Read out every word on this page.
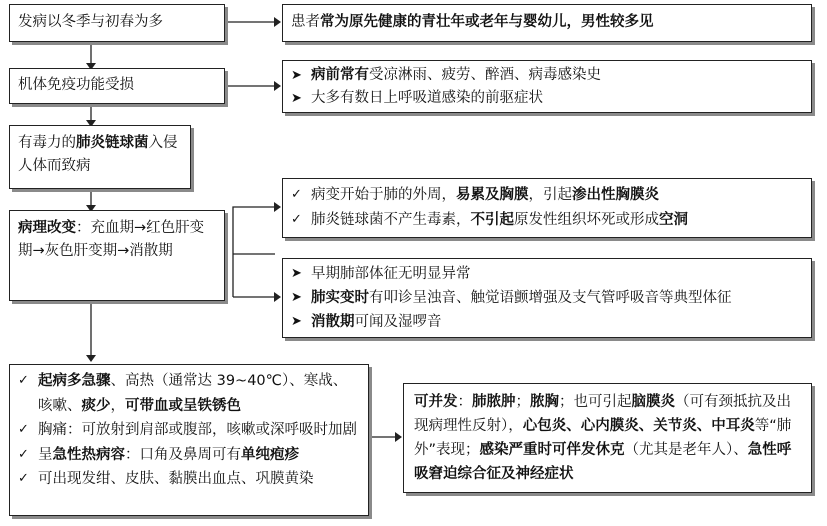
发病以冬季与初春为多
机体免疫功能受损
有毒力的肺炎链球菌入侵人体而致病
病理改变：充血期→红色肝变期→灰色肝变期→消散期
患者常为原先健康的青壮年或老年与婴幼儿，男性较多见
➤ 病前常有受凉淋雨、疲劳、醉酒、病毒感染史
➤ 大多有数日上呼吸道感染的前驱症状
✓ 病变开始于肺的外周，易累及胸膜，引起渗出性胸膜炎
✓ 肺炎链球菌不产生毒素，不引起原发性组织坏死或形成空洞
➤ 早期肺部体征无明显异常
➤ 肺实变时有叩诊呈浊音、触觉语颤增强及支气管呼吸音等典型体征
➤ 消散期可闻及湿啰音
✓ 起病多急骤、高热（通常达 39~40℃）、寒战、咳嗽、痰少，可带血或呈铁锈色
✓ 胸痛：可放射到肩部或腹部，咳嗽或深呼吸时加剧
✓ 呈急性热病容：口角及鼻周可有单纯疱疹
✓ 可出现发绀、皮肤、黏膜出血点、巩膜黄染
可并发：肺脓肿；脓胸；也可引起脑膜炎（可有颈抵抗及出现病理性反射），心包炎、心内膜炎、关节炎、中耳炎等“肺外”表现；感染严重时可伴发休克（尤其是老年人）、急性呼吸窘迫综合征及神经症状
